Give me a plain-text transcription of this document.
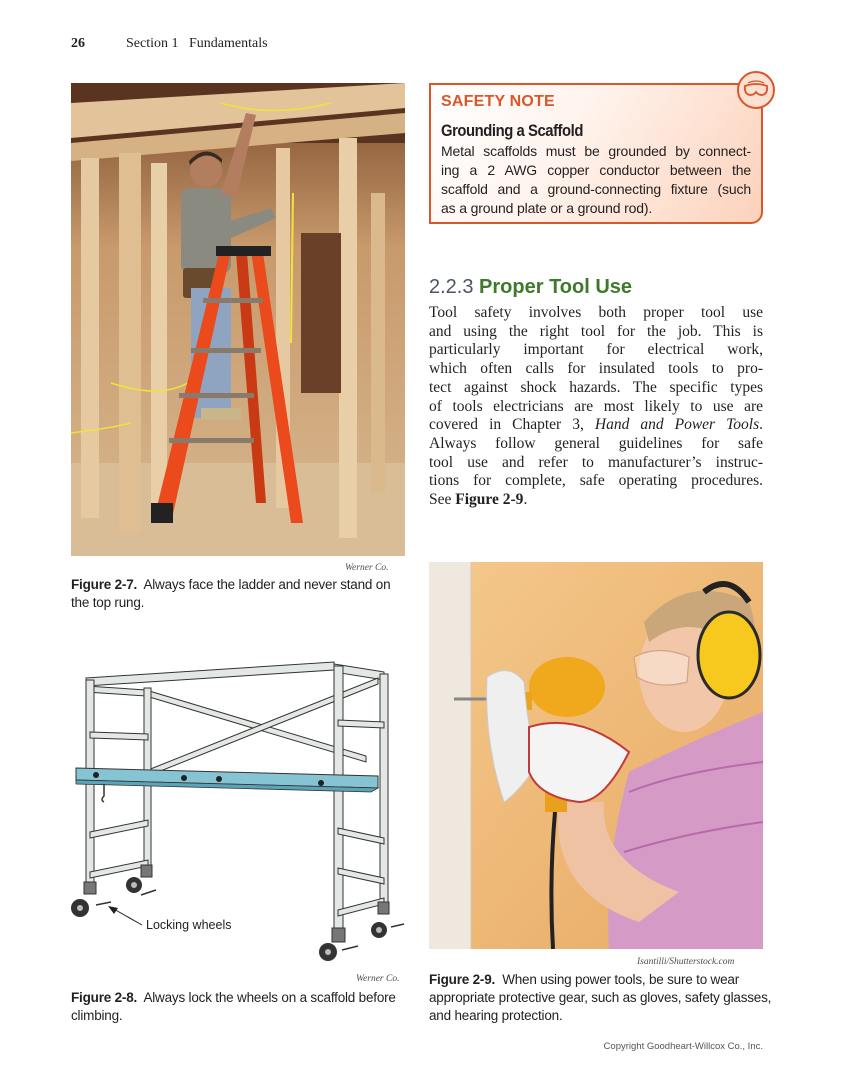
26	Section 1   Fundamentals
Werner Co.
Figure 2-7. Always face the ladder and never stand on the top rung.
SAFETY NOTE
Grounding a Scaffold
Metal scaffolds must be grounded by connect-
ing a 2 AWG copper conductor between the
scaffold and a ground-connecting fixture (such
as a ground plate or a ground rod).
2.2.3 Proper Tool Use
Tool safety involves both proper tool use
and using the right tool for the job. This is
particularly important for electrical work,
which often calls for insulated tools to pro-
tect against shock hazards. The specific types
of tools electricians are most likely to use are
covered in Chapter 3, Hand and Power Tools.
Always follow general guidelines for safe
tool use and refer to manufacturer’s instruc-
tions for complete, safe operating procedures.
See Figure 2-9.
Locking wheels
Werner Co.
Figure 2-8. Always lock the wheels on a scaffold before climbing.
Isantilli/Shutterstock.com
Figure 2-9. When using power tools, be sure to wear appropriate protective gear, such as gloves, safety glasses, and hearing protection.
Copyright Goodheart-Willcox Co., Inc.
